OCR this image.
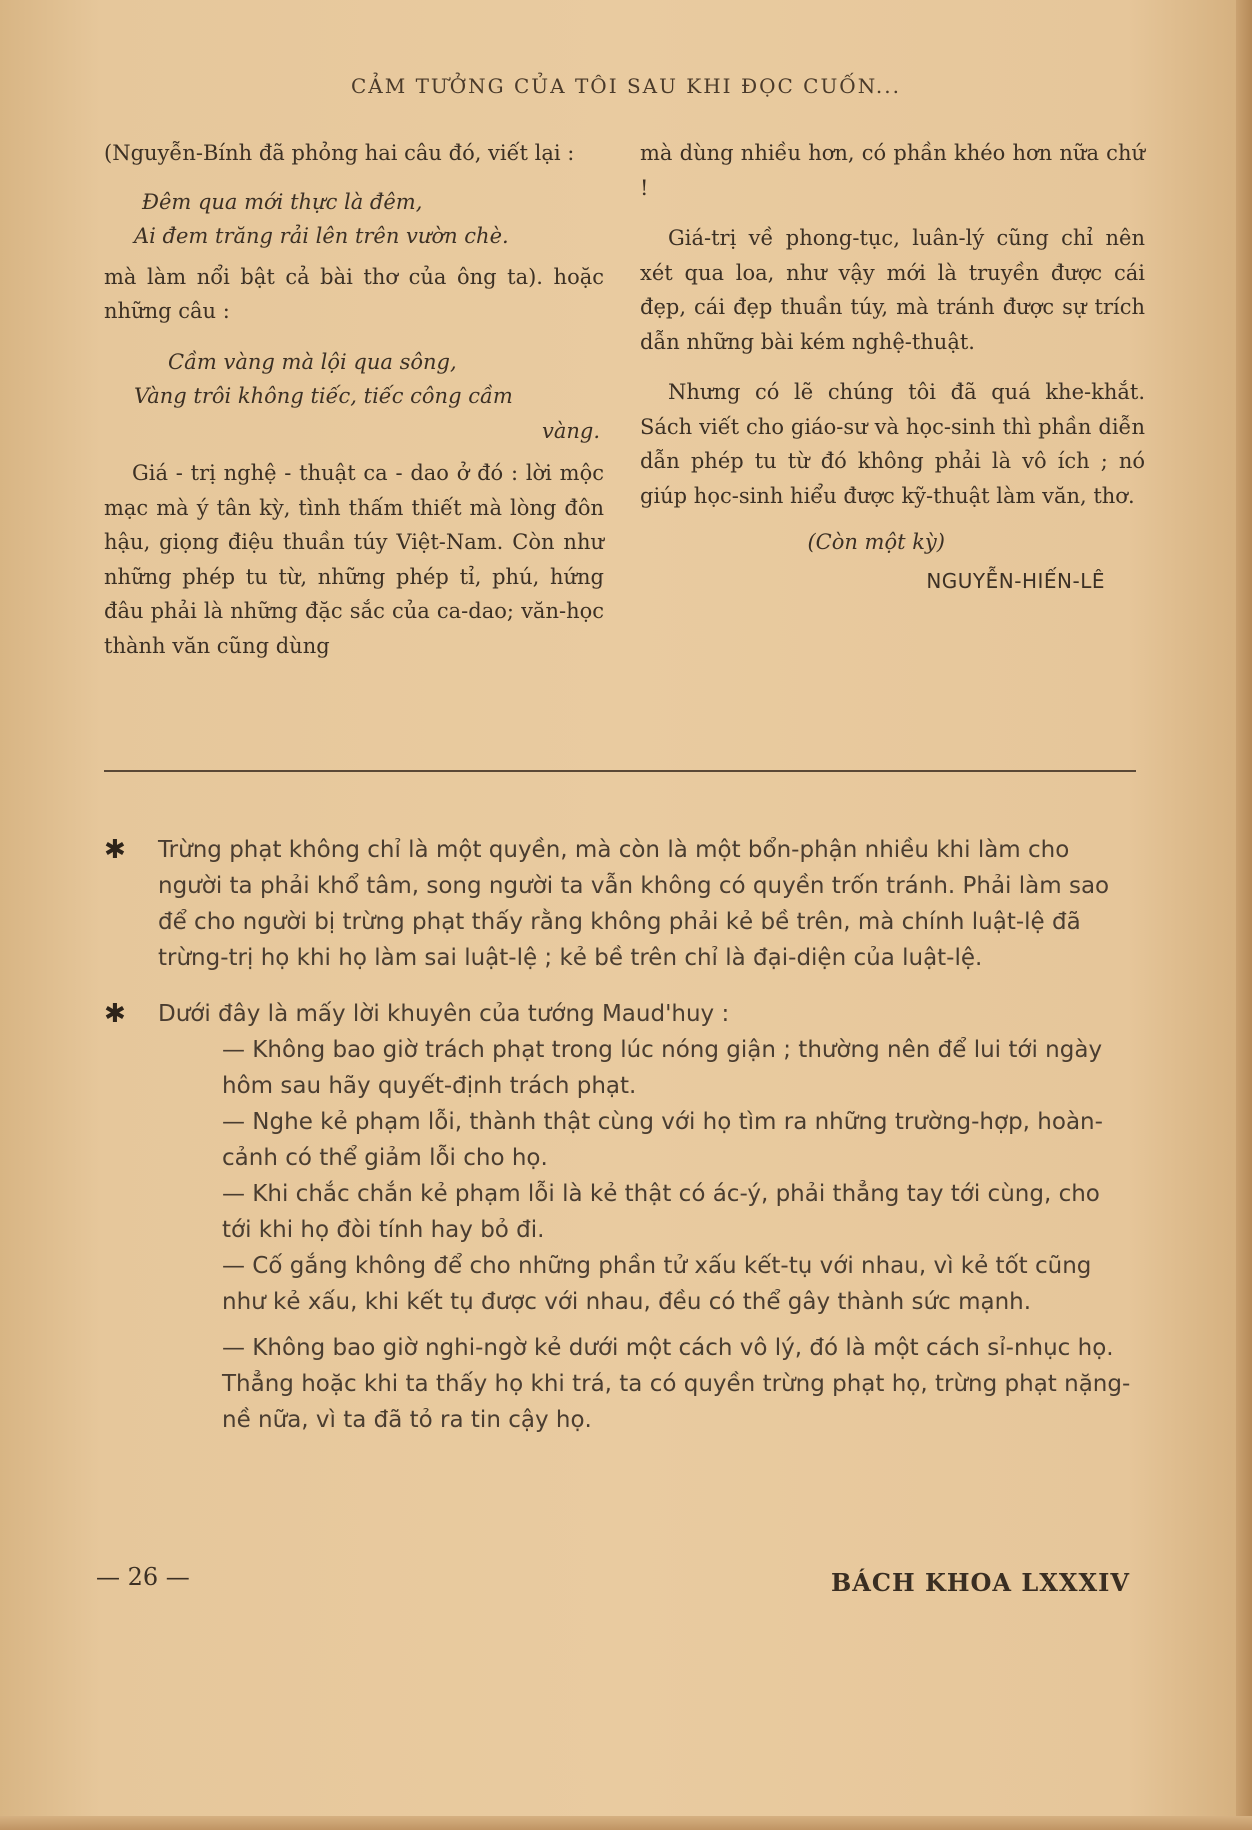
CẢM TƯỞNG CỦA TÔI SAU KHI ĐỌC CUỐN...

(Nguyễn-Bính đã phỏng hai câu đó, viết lại :

Đêm qua mới thực là đêm,

Ai đem trăng rải lên trên vườn chè.

mà làm nổi bật cả bài thơ của ông ta). hoặc những câu :

Cầm vàng mà lội qua sông,

Vàng trôi không tiếc, tiếc công cầm

vàng.

Giá - trị nghệ - thuật ca - dao ở đó : lời mộc mạc mà ý tân kỳ, tình thấm thiết mà lòng đôn hậu, giọng điệu thuần túy Việt-Nam. Còn như những phép tu từ, những phép tỉ, phú, hứng đâu phải là những đặc sắc của ca-dao; văn-học thành văn cũng dùng

mà dùng nhiều hơn, có phần khéo hơn nữa chứ !

Giá-trị về phong-tục, luân-lý cũng chỉ nên xét qua loa, như vậy mới là truyền được cái đẹp, cái đẹp thuần túy, mà tránh được sự trích dẫn những bài kém nghệ-thuật.

Nhưng có lẽ chúng tôi đã quá khe-khắt. Sách viết cho giáo-sư và học-sinh thì phần diễn dẫn phép tu từ đó không phải là vô ích ; nó giúp học-sinh hiểu được kỹ-thuật làm văn, thơ.

(Còn một kỳ)

NGUYỄN-HIẾN-LÊ

✱ Trừng phạt không chỉ là một quyền, mà còn là một bổn-phận nhiều khi làm cho người ta phải khổ tâm, song người ta vẫn không có quyền trốn tránh. Phải làm sao để cho người bị trừng phạt thấy rằng không phải kẻ bề trên, mà chính luật-lệ đã trừng-trị họ khi họ làm sai luật-lệ ; kẻ bề trên chỉ là đại-diện của luật-lệ.

✱ Dưới đây là mấy lời khuyên của tướng Maud'huy :

— Không bao giờ trách phạt trong lúc nóng giận ; thường nên để lui tới ngày hôm sau hãy quyết-định trách phạt.

— Nghe kẻ phạm lỗi, thành thật cùng với họ tìm ra những trường-hợp, hoàn-cảnh có thể giảm lỗi cho họ.

— Khi chắc chắn kẻ phạm lỗi là kẻ thật có ác-ý, phải thẳng tay tới cùng, cho tới khi họ đòi tính hay bỏ đi.

— Cố gắng không để cho những phần tử xấu kết-tụ với nhau, vì kẻ tốt cũng như kẻ xấu, khi kết tụ được với nhau, đều có thể gây thành sức mạnh.

— Không bao giờ nghi-ngờ kẻ dưới một cách vô lý, đó là một cách sỉ-nhục họ. Thẳng hoặc khi ta thấy họ khi trá, ta có quyền trừng phạt họ, trừng phạt nặng-nề nữa, vì ta đã tỏ ra tin cậy họ.

— 26 —	BÁCH KHOA LXXXIV
